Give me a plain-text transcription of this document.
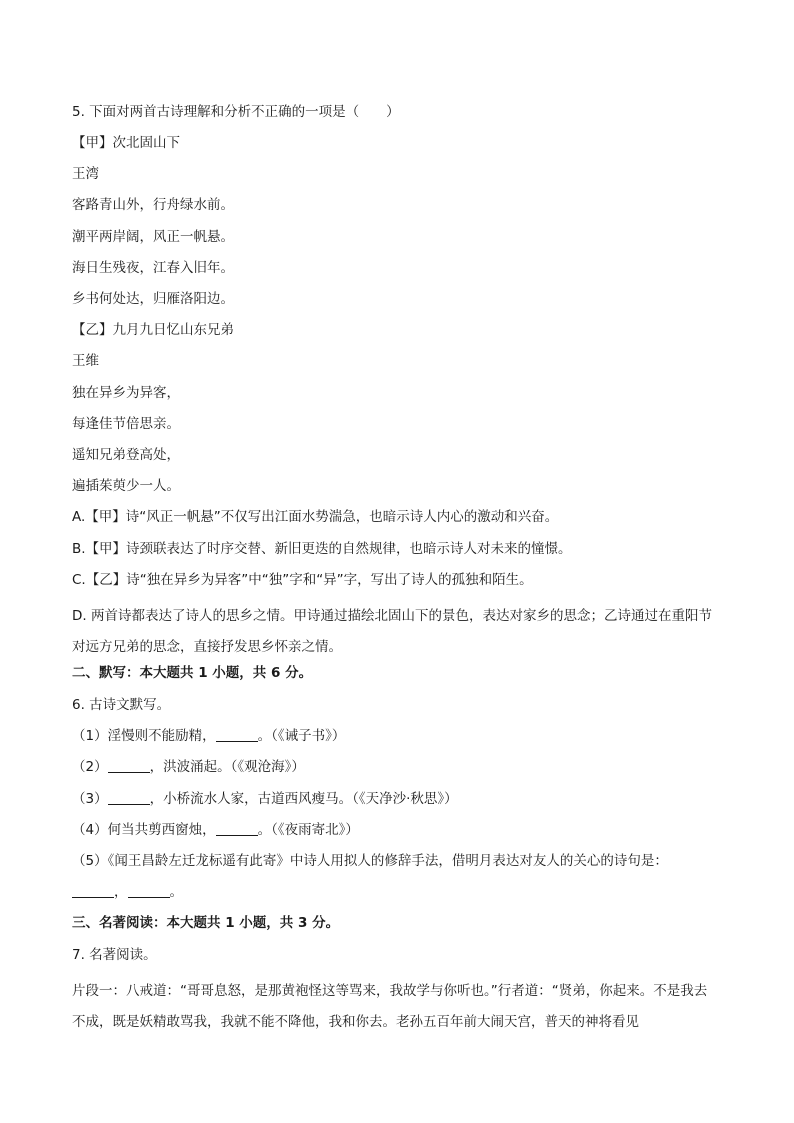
5. 下面对两首古诗理解和分析不正确的一项是（　　）
【甲】次北固山下
王湾
客路青山外，行舟绿水前。
潮平两岸阔，风正一帆悬。
海日生残夜，江春入旧年。
乡书何处达，归雁洛阳边。
【乙】九月九日忆山东兄弟
王维
独在异乡为异客，
每逢佳节倍思亲。
遥知兄弟登高处，
遍插茱萸少一人。
A.【甲】诗“风正一帆悬”不仅写出江面水势湍急，也暗示诗人内心的激动和兴奋。
B.【甲】诗颈联表达了时序交替、新旧更迭的自然规律，也暗示诗人对未来的憧憬。
C.【乙】诗“独在异乡为异客”中“独”字和“异”字，写出了诗人的孤独和陌生。
D. 两首诗都表达了诗人的思乡之情。甲诗通过描绘北固山下的景色，表达对家乡的思念；乙诗通过在重阳节对远方兄弟的思念，直接抒发思乡怀亲之情。
二、默写：本大题共 1 小题，共 6 分。
6. 古诗文默写。
（1）淫慢则不能励精，	。（《诫子书》）
（2）	，洪波涌起。（《观沧海》）
（3）	，小桥流水人家，古道西风瘦马。（《天净沙·秋思》）
（4）何当共剪西窗烛，	。（《夜雨寄北》）
（5）《闻王昌龄左迁龙标遥有此寄》中诗人用拟人的修辞手法，借明月表达对友人的关心的诗句是：
，	。
三、名著阅读：本大题共 1 小题，共 3 分。
7. 名著阅读。
片段一：八戒道：“哥哥息怒，是那黄袍怪这等骂来，我故学与你听也。”行者道：“贤弟，你起来。不是我去不成，既是妖精敢骂我，我就不能不降他，我和你去。老孙五百年前大闹天宫，普天的神将看见
